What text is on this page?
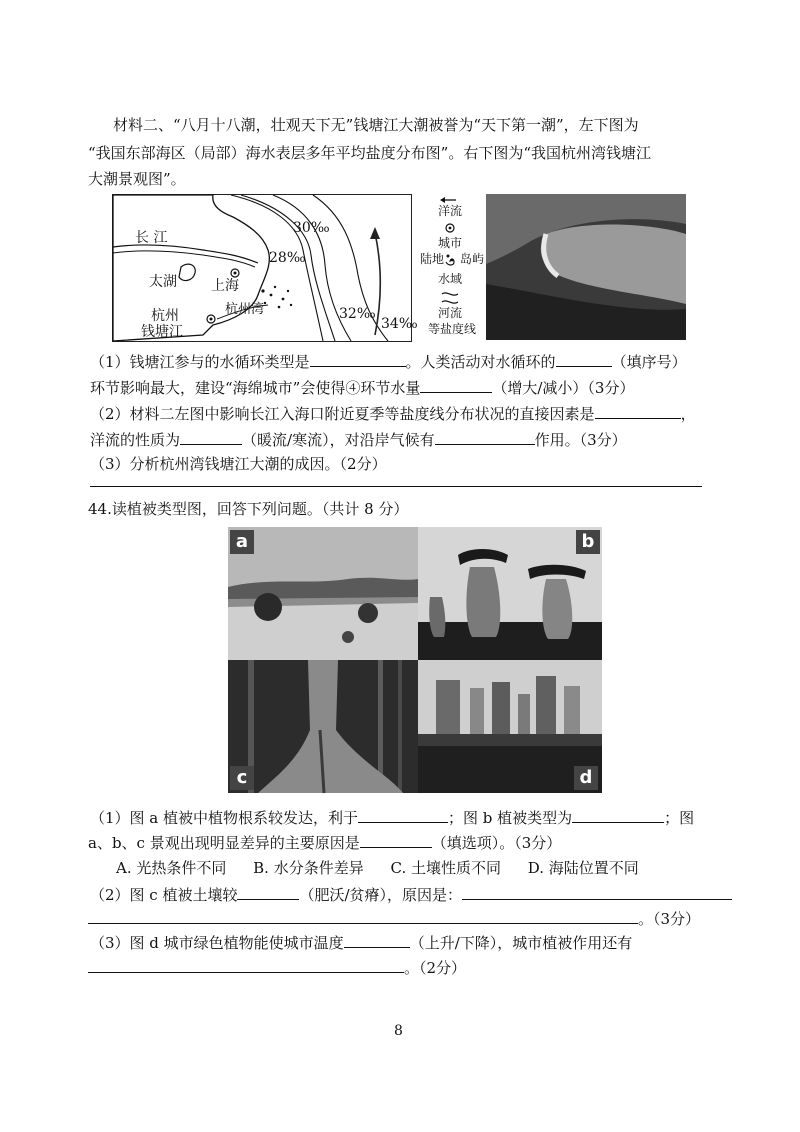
材料二、“八月十八潮，壮观天下无”钱塘江大潮被誉为“天下第一潮”，左下图为
“我国东部海区（局部）海水表层多年平均盐度分布图”。右下图为“我国杭州湾钱塘江
大潮景观图”。
长 江
太湖 上海
杭州
钱塘江
杭州湾
30‰
28‰
32‰
34‰
洋流
城市
陆地 岛屿
水域
河流
等盐度线
（1）钱塘江参与的水循环类型是	。人类活动对水循环的	（填序号）
环节影响最大，建设“海绵城市”会使得④环节水量	（增大/减小）（3分）
（2）材料二左图中影响长江入海口附近夏季等盐度线分布状况的直接因素是	，
洋流的性质为	（暖流/寒流），对沿岸气候有	作用。（3分）
（3）分析杭州湾钱塘江大潮的成因。（2分）
44.读植被类型图，回答下列问题。（共计 8 分）
a	b
c	d
（1）图 a 植被中植物根系较发达，利于	；图 b 植被类型为	；图
a、b、c 景观出现明显差异的主要原因是	（填选项）。（3分）
A. 光热条件不同 B. 水分条件差异 C. 土壤性质不同 D. 海陆位置不同
（2）图 c 植被土壤较	（肥沃/贫瘠），原因是：
。（3分）
（3）图 d 城市绿色植物能使城市温度	（上升/下降），城市植被作用还有
。（2分）
8
